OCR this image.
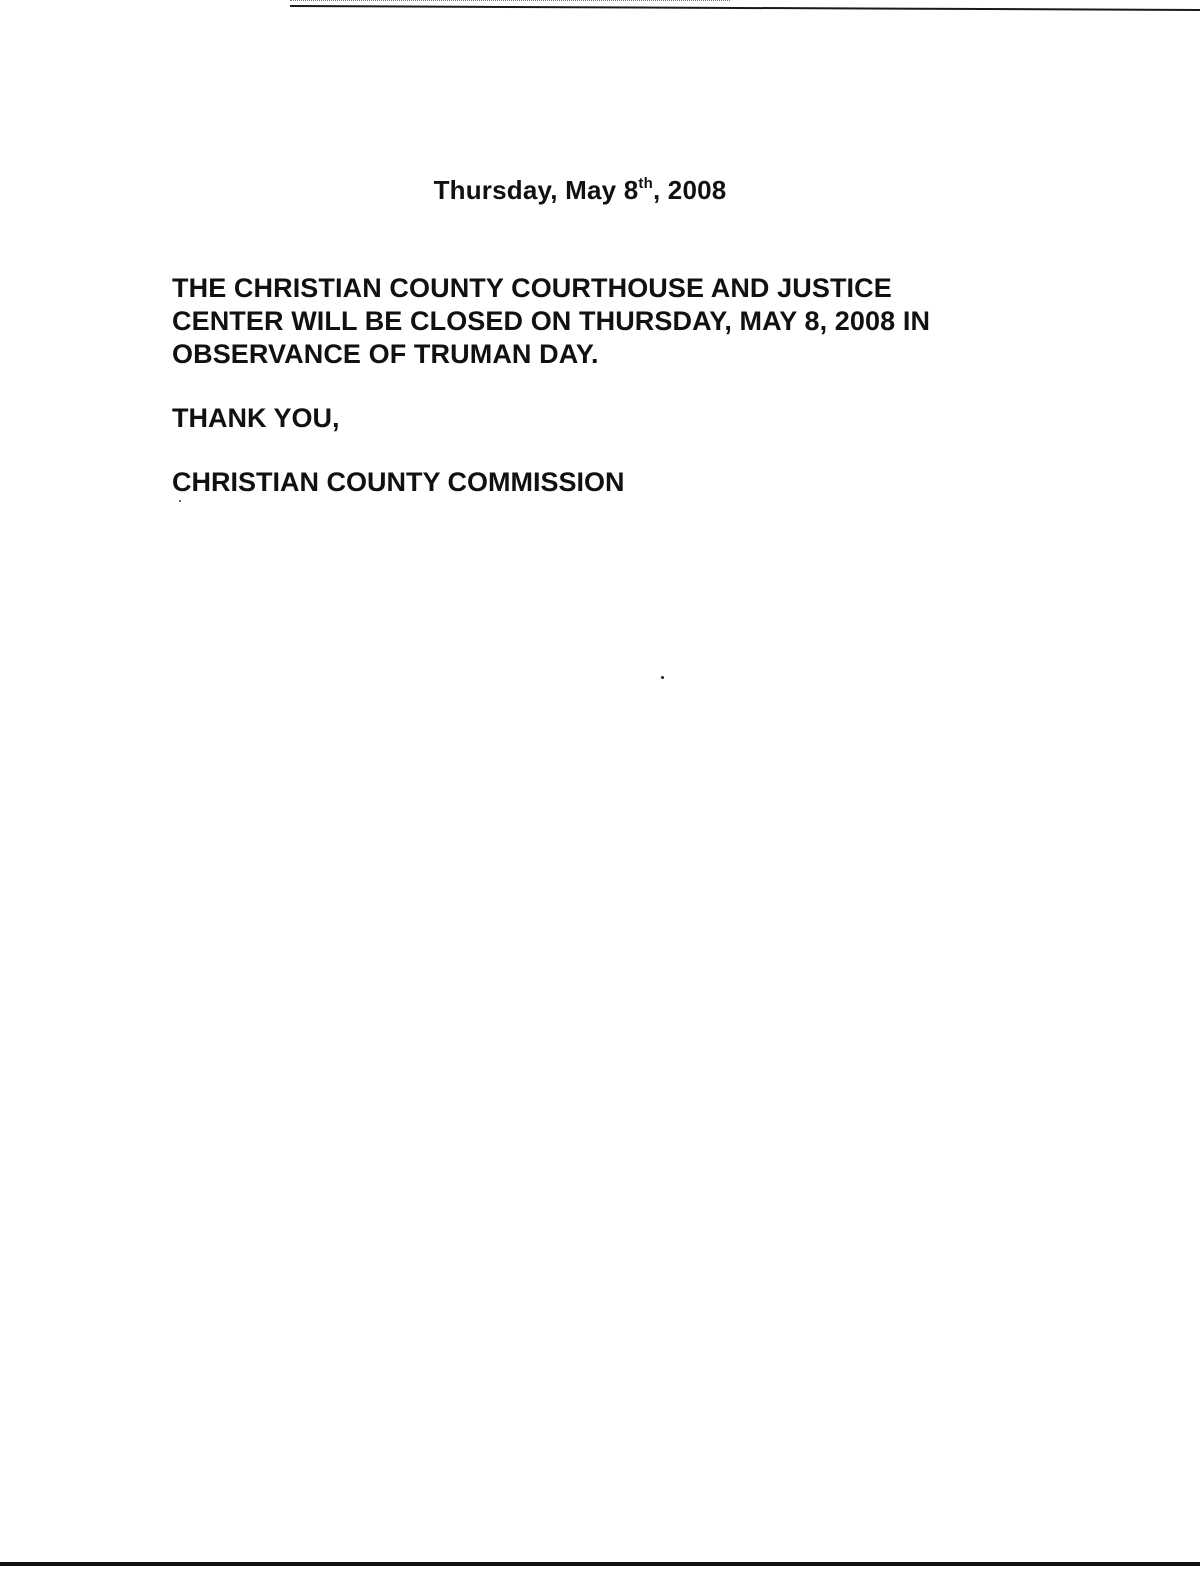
Thursday, May 8th, 2008
THE CHRISTIAN COUNTY COURTHOUSE AND JUSTICE
CENTER WILL BE CLOSED ON THURSDAY, MAY 8, 2008 IN
OBSERVANCE OF TRUMAN DAY.
THANK YOU,
CHRISTIAN COUNTY COMMISSION
